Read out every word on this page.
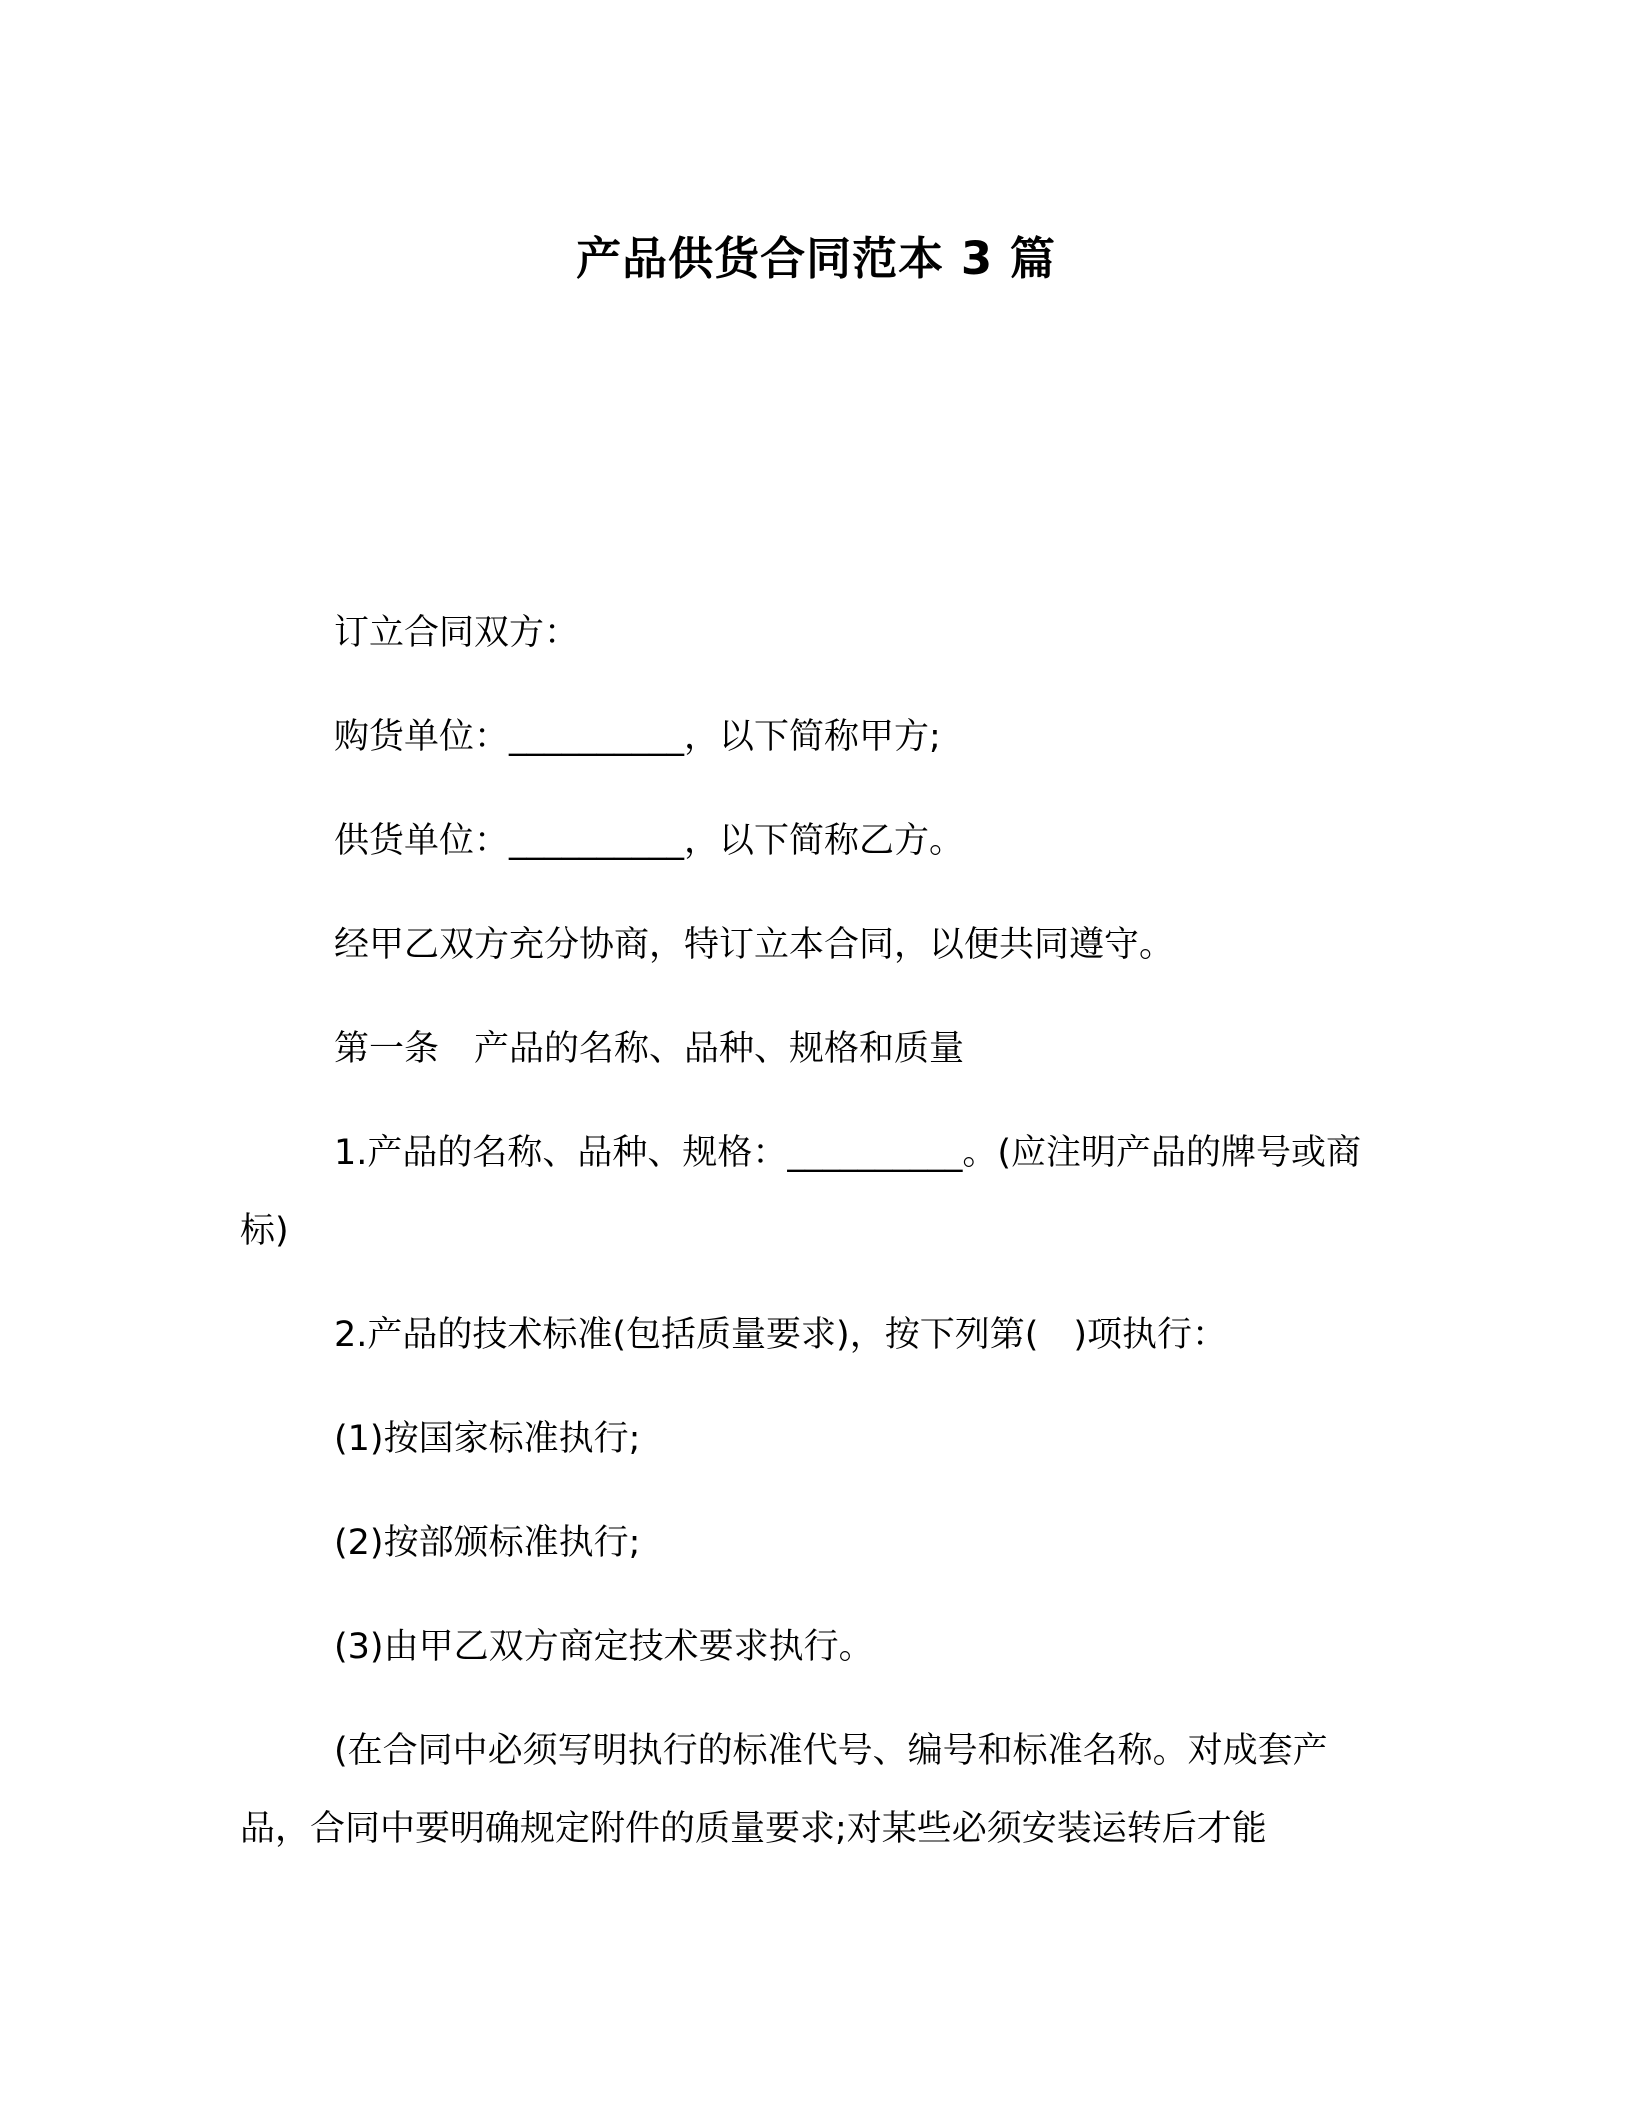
产品供货合同范本 3 篇

订立合同双方：

购货单位：__________，以下简称甲方;

供货单位：__________，以下简称乙方。

经甲乙双方充分协商，特订立本合同，以便共同遵守。

第一条　产品的名称、品种、规格和质量

1.产品的名称、品种、规格：__________。(应注明产品的牌号或商标)

2.产品的技术标准(包括质量要求)，按下列第(　)项执行：

(1)按国家标准执行;

(2)按部颁标准执行;

(3)由甲乙双方商定技术要求执行。

(在合同中必须写明执行的标准代号、编号和标准名称。对成套产品，合同中要明确规定附件的质量要求;对某些必须安装运转后才能
